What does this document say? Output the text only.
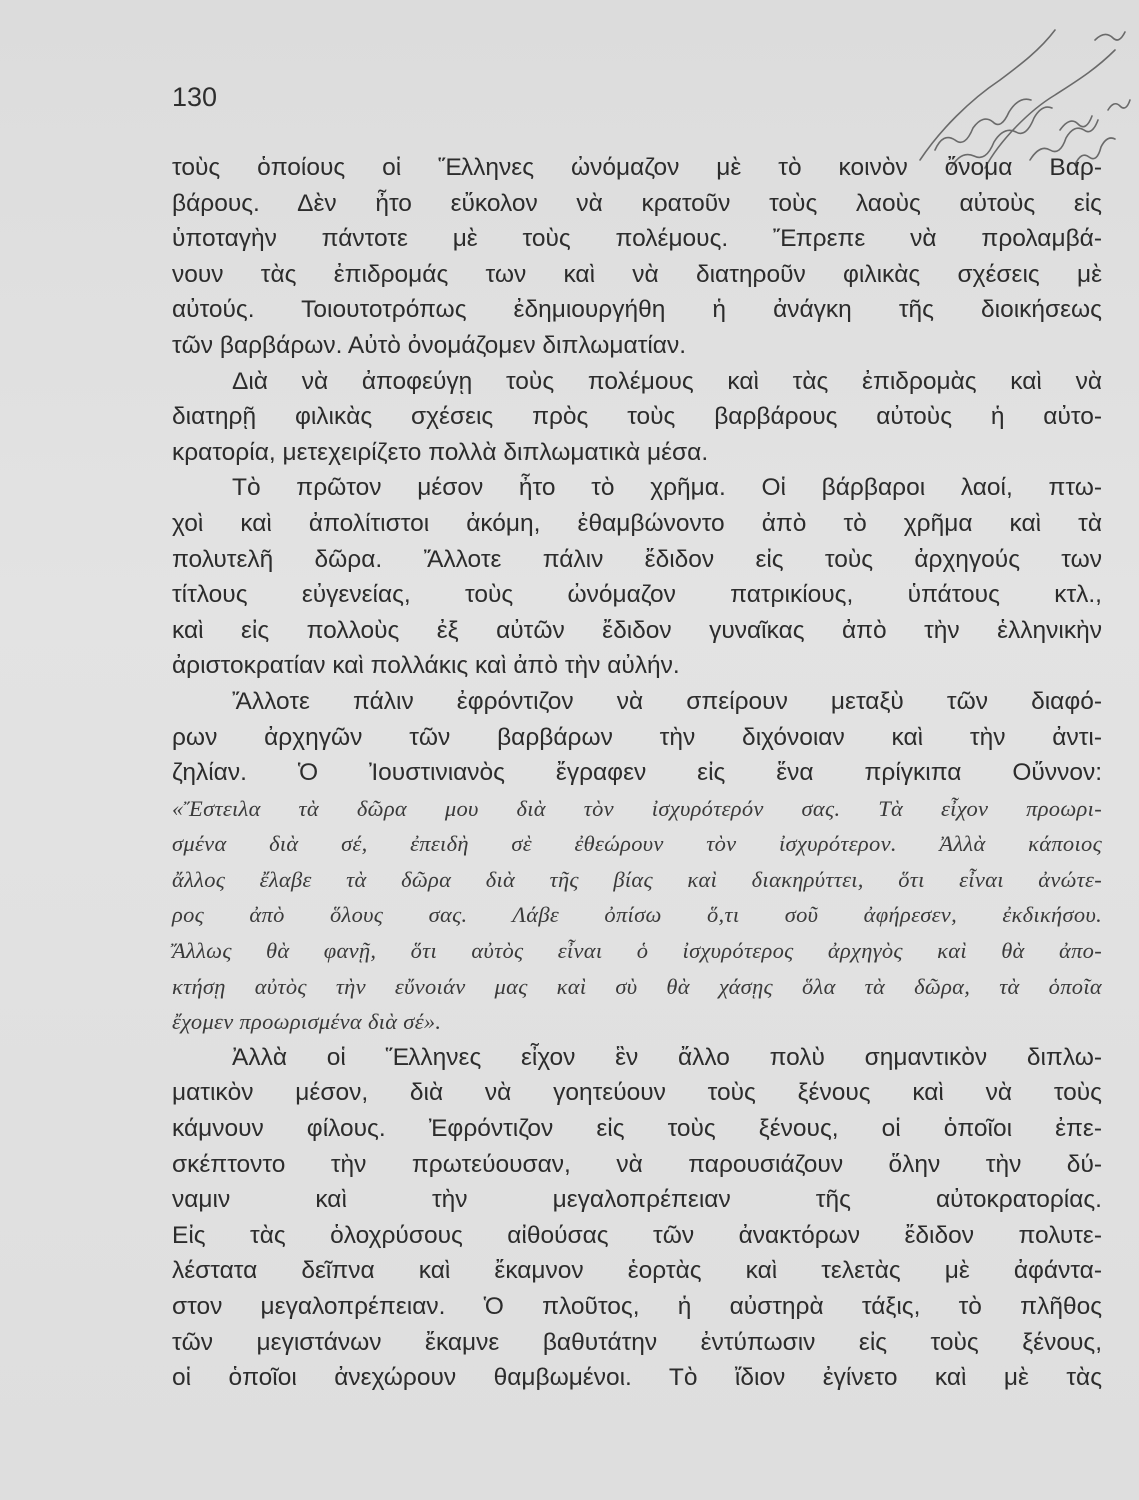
130
τοὺς ὁποίους οἱ Ἕλληνες ὠνόμαζον μὲ τὸ κοινὸν ὄνομα Βαρ-
βάρους. Δὲν ἦτο εὔκολον νὰ κρατοῦν τοὺς λαοὺς αὐτοὺς εἰς
ὑποταγὴν πάντοτε μὲ τοὺς πολέμους. Ἔπρεπε νὰ προλαμβά-
νουν τὰς ἐπιδρομάς των καὶ νὰ διατηροῦν φιλικὰς σχέσεις μὲ
αὐτούς. Τοιουτοτρόπως ἐδημιουργήθη ἡ ἀνάγκη τῆς διοικήσεως
τῶν βαρβάρων. Αὐτὸ ὀνομάζομεν διπλωματίαν.
Διὰ νὰ ἀποφεύγῃ τοὺς πολέμους καὶ τὰς ἐπιδρομὰς καὶ νὰ
διατηρῇ φιλικὰς σχέσεις πρὸς τοὺς βαρβάρους αὐτοὺς ἡ αὐτο-
κρατορία, μετεχειρίζετο πολλὰ διπλωματικὰ μέσα.
Τὸ πρῶτον μέσον ἦτο τὸ χρῆμα. Οἱ βάρβαροι λαοί, πτω-
χοὶ καὶ ἀπολίτιστοι ἀκόμη, ἐθαμβώνοντο ἀπὸ τὸ χρῆμα καὶ τὰ
πολυτελῆ δῶρα. Ἄλλοτε πάλιν ἔδιδον εἰς τοὺς ἀρχηγούς των
τίτλους εὐγενείας, τοὺς ὠνόμαζον πατρικίους, ὑπάτους κτλ.,
καὶ εἰς πολλοὺς ἐξ αὐτῶν ἔδιδον γυναῖκας ἀπὸ τὴν ἑλληνικὴν
ἀριστοκρατίαν καὶ πολλάκις καὶ ἀπὸ τὴν αὐλήν.
Ἄλλοτε πάλιν ἐφρόντιζον νὰ σπείρουν μεταξὺ τῶν διαφό-
ρων ἀρχηγῶν τῶν βαρβάρων τὴν διχόνοιαν καὶ τὴν ἀντι-
ζηλίαν. Ὁ Ἰουστινιανὸς ἔγραφεν εἰς ἕνα πρίγκιπα Οὔννον:
«Ἔστειλα τὰ δῶρα μου διὰ τὸν ἰσχυρότερόν σας. Τὰ εἶχον προωρι-
σμένα διὰ σέ, ἐπειδὴ σὲ ἐθεώρουν τὸν ἰσχυρότερον. Ἀλλὰ κάποιος
ἄλλος ἔλαβε τὰ δῶρα διὰ τῆς βίας καὶ διακηρύττει, ὅτι εἶναι ἀνώτε-
ρος ἀπὸ ὅλους σας. Λάβε ὀπίσω ὅ,τι σοῦ ἀφήρεσεν, ἐκδικήσου.
Ἄλλως θὰ φανῇ, ὅτι αὐτὸς εἶναι ὁ ἰσχυρότερος ἀρχηγὸς καὶ θὰ ἀπο-
κτήσῃ αὐτὸς τὴν εὔνοιάν μας καὶ σὺ θὰ χάσῃς ὅλα τὰ δῶρα, τὰ ὁποῖα
ἔχομεν προωρισμένα διὰ σέ».
Ἀλλὰ οἱ Ἕλληνες εἶχον ἓν ἄλλο πολὺ σημαντικὸν διπλω-
ματικὸν μέσον, διὰ νὰ γοητεύουν τοὺς ξένους καὶ νὰ τοὺς
κάμνουν φίλους. Ἐφρόντιζον εἰς τοὺς ξένους, οἱ ὁποῖοι ἐπε-
σκέπτοντο τὴν πρωτεύουσαν, νὰ παρουσιάζουν ὅλην τὴν δύ-
ναμιν καὶ τὴν μεγαλοπρέπειαν τῆς αὐτοκρατορίας.
Εἰς τὰς ὁλοχρύσους αἰθούσας τῶν ἀνακτόρων ἔδιδον πολυτε-
λέστατα δεῖπνα καὶ ἔκαμνον ἑορτὰς καὶ τελετὰς μὲ ἀφάντα-
στον μεγαλοπρέπειαν. Ὁ πλοῦτος, ἡ αὐστηρὰ τάξις, τὸ πλῆθος
τῶν μεγιστάνων ἔκαμνε βαθυτάτην ἐντύπωσιν εἰς τοὺς ξένους,
οἱ ὁποῖοι ἀνεχώρουν θαμβωμένοι. Τὸ ἴδιον ἐγίνετο καὶ μὲ τὰς
